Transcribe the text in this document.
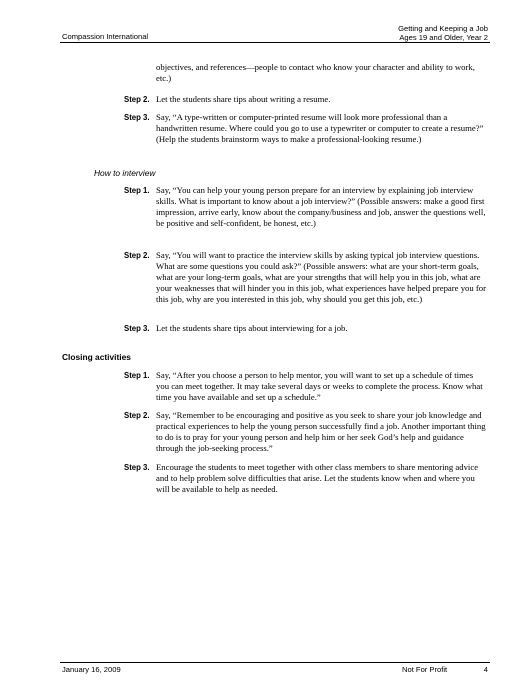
Compassion International
Getting and Keeping a Job
Ages 19 and Older, Year 2

objectives, and references—people to contact who know your character and ability to work, etc.)

Step 2. Let the students share tips about writing a resume.

Step 3. Say, “A type-written or computer-printed resume will look more professional than a handwritten resume. Where could you go to use a typewriter or computer to create a resume?” (Help the students brainstorm ways to make a professional-looking resume.)

How to interview
Step 1. Say, “You can help your young person prepare for an interview by explaining job interview skills. What is important to know about a job interview?” (Possible answers: make a good first impression, arrive early, know about the company/business and job, answer the questions well, be positive and self-confident, be honest, etc.)

Step 2. Say, “You will want to practice the interview skills by asking typical job interview questions. What are some questions you could ask?” (Possible answers: what are your short-term goals, what are your long-term goals, what are your strengths that will help you in this job, what are your weaknesses that will hinder you in this job, what experiences have helped prepare you for this job, why are you interested in this job, why should you get this job, etc.)

Step 3. Let the students share tips about interviewing for a job.

Closing activities
Step 1. Say, “After you choose a person to help mentor, you will want to set up a schedule of times you can meet together. It may take several days or weeks to complete the process. Know what time you have available and set up a schedule.”

Step 2. Say, “Remember to be encouraging and positive as you seek to share your job knowledge and practical experiences to help the young person successfully find a job. Another important thing to do is to pray for your young person and help him or her seek God’s help and guidance through the job-seeking process.”

Step 3. Encourage the students to meet together with other class members to share mentoring advice and to help problem solve difficulties that arise. Let the students know when and where you will be available to help as needed.

January 16, 2009	Not For Profit	4
